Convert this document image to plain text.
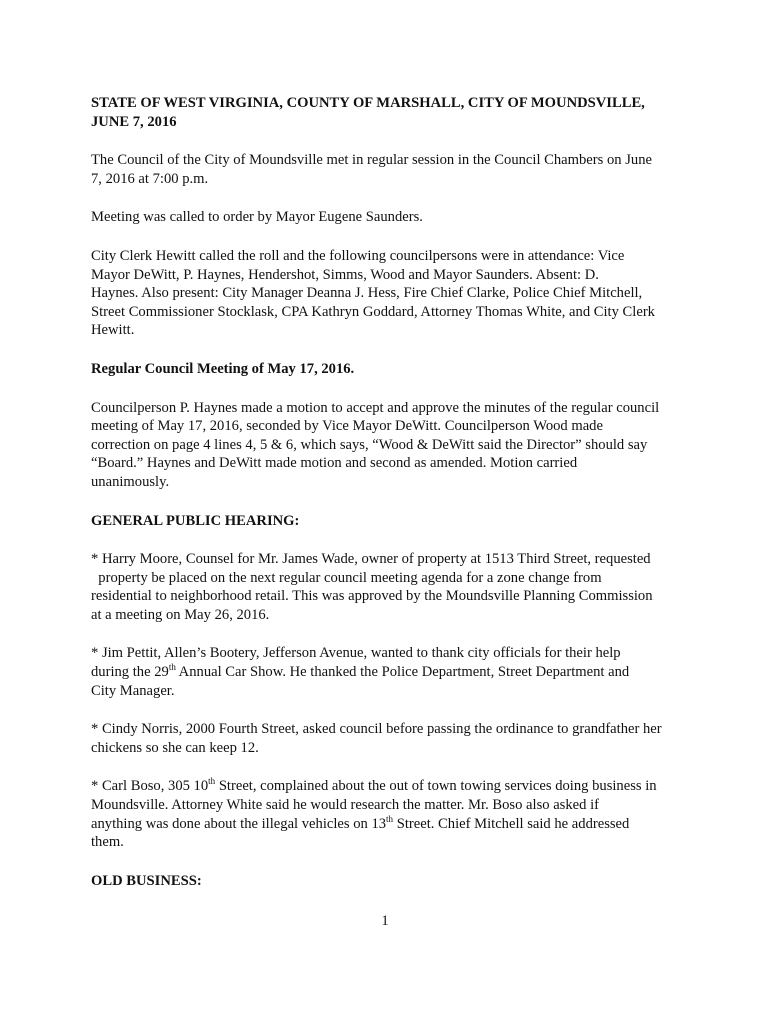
STATE OF WEST VIRGINIA, COUNTY OF MARSHALL, CITY OF MOUNDSVILLE,
JUNE 7, 2016

The Council of the City of Moundsville met in regular session in the Council Chambers on June
7, 2016 at 7:00 p.m.

Meeting was called to order by Mayor Eugene Saunders.

City Clerk Hewitt called the roll and the following councilpersons were in attendance: Vice
Mayor DeWitt, P. Haynes, Hendershot, Simms, Wood and Mayor Saunders. Absent: D.
Haynes. Also present: City Manager Deanna J. Hess, Fire Chief Clarke, Police Chief Mitchell,
Street Commissioner Stocklask, CPA Kathryn Goddard, Attorney Thomas White, and City Clerk
Hewitt.

Regular Council Meeting of May 17, 2016.

Councilperson P. Haynes made a motion to accept and approve the minutes of the regular council
meeting of May 17, 2016, seconded by Vice Mayor DeWitt. Councilperson Wood made
correction on page 4 lines 4, 5 & 6, which says, “Wood & DeWitt said the Director” should say
“Board.” Haynes and DeWitt made motion and second as amended. Motion carried
unanimously.

GENERAL PUBLIC HEARING:

* Harry Moore, Counsel for Mr. James Wade, owner of property at 1513 Third Street, requested
property be placed on the next regular council meeting agenda for a zone change from
residential to neighborhood retail. This was approved by the Moundsville Planning Commission
at a meeting on May 26, 2016.

* Jim Pettit, Allen’s Bootery, Jefferson Avenue, wanted to thank city officials for their help
during the 29th Annual Car Show. He thanked the Police Department, Street Department and
City Manager.

* Cindy Norris, 2000 Fourth Street, asked council before passing the ordinance to grandfather her
chickens so she can keep 12.

* Carl Boso, 305 10th Street, complained about the out of town towing services doing business in
Moundsville. Attorney White said he would research the matter. Mr. Boso also asked if
anything was done about the illegal vehicles on 13th Street. Chief Mitchell said he addressed
them.

OLD BUSINESS:

1
